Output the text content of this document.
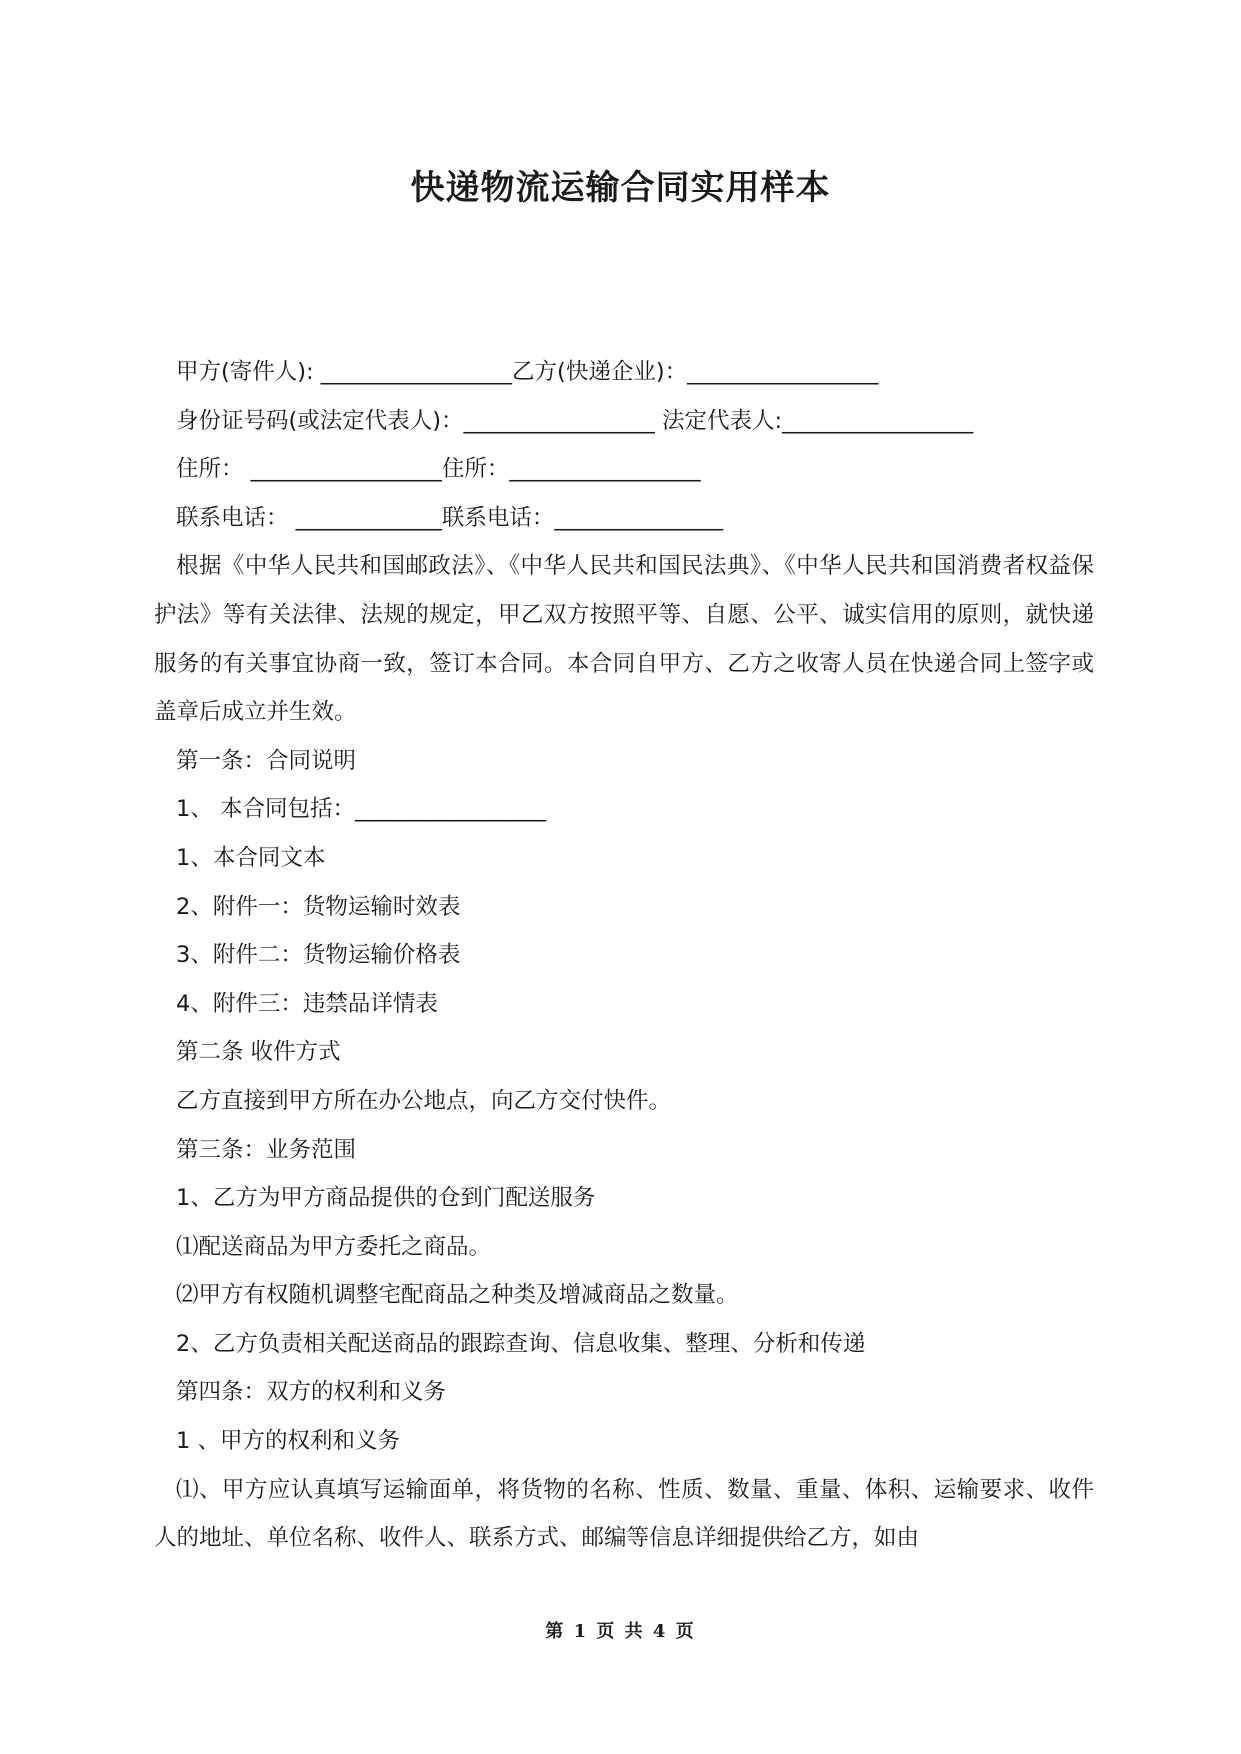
快递物流运输合同实用样本
甲方(寄件人): _________________乙方(快递企业)：_________________
身份证号码(或法定代表人)：_________________ 法定代表人:_________________
住所： _________________住所：_________________
联系电话： _____________联系电话：_______________
根据《中华人民共和国邮政法》、《中华人民共和国民法典》、《中华人民共和国消费者权益保护法》等有关法律、法规的规定，甲乙双方按照平等、自愿、公平、诚实信用的原则，就快递服务的有关事宜协商一致，签订本合同。本合同自甲方、乙方之收寄人员在快递合同上签字或盖章后成立并生效。
第一条：合同说明
1、 本合同包括：_________________
1、本合同文本
2、附件一：货物运输时效表
3、附件二：货物运输价格表
4、附件三：违禁品详情表
第二条 收件方式
乙方直接到甲方所在办公地点，向乙方交付快件。
第三条：业务范围
1、乙方为甲方商品提供的仓到门配送服务
⑴配送商品为甲方委托之商品。
⑵甲方有权随机调整宅配商品之种类及增减商品之数量。
2、乙方负责相关配送商品的跟踪查询、信息收集、整理、分析和传递
第四条：双方的权利和义务
1 、甲方的权利和义务
⑴、甲方应认真填写运输面单，将货物的名称、性质、数量、重量、体积、运输要求、收件人的地址、单位名称、收件人、联系方式、邮编等信息详细提供给乙方，如由
第 1 页 共 4 页
